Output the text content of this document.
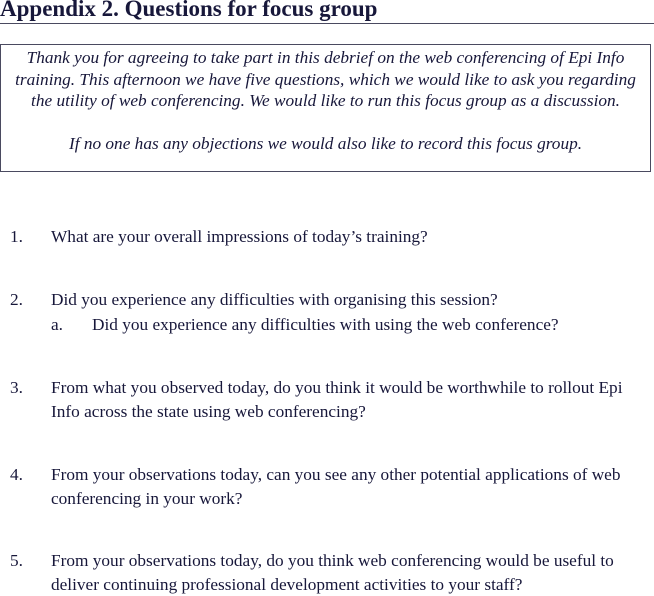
Appendix 2. Questions for focus group

Thank you for agreeing to take part in this debrief on the web conferencing of Epi Info training. This afternoon we have five questions, which we would like to ask you regarding the utility of web conferencing. We would like to run this focus group as a discussion.

If no one has any objections we would also like to record this focus group.

1. What are your overall impressions of today’s training?
2. Did you experience any difficulties with organising this session?
a. Did you experience any difficulties with using the web conference?
3. From what you observed today, do you think it would be worthwhile to rollout Epi Info across the state using web conferencing?
4. From your observations today, can you see any other potential applications of web conferencing in your work?
5. From your observations today, do you think web conferencing would be useful to deliver continuing professional development activities to your staff?
